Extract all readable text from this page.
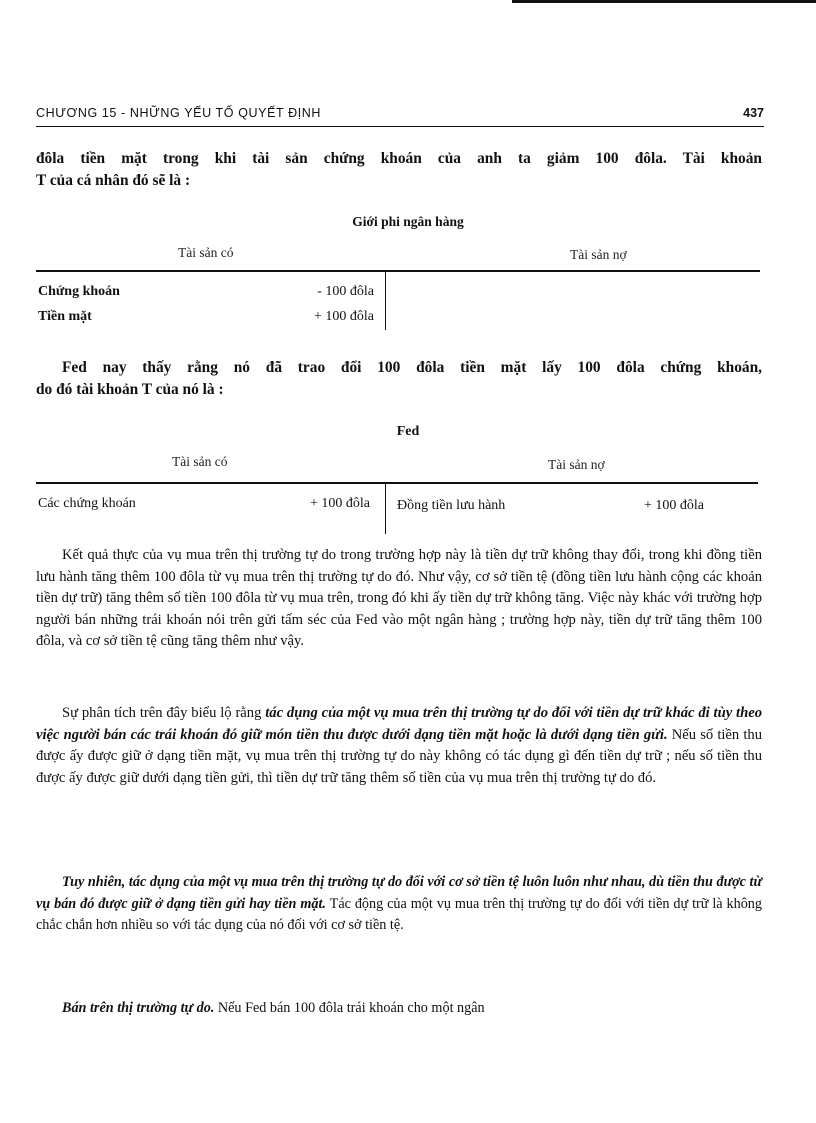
CHƯƠNG 15 - NHỮNG YẾU TỐ QUYẾT ĐỊNH	437
đôla tiền mặt trong khi tài sản chứng khoán của anh ta giảm 100 đôla. Tài khoản
T của cá nhân đó sẽ là :
Giới phi ngân hàng
Tài sản có	Tài sản nợ
Chứng khoán	- 100 đôla
Tiền mặt	+ 100 đôla
Fed nay thấy rằng nó đã trao đổi 100 đôla tiền mặt lấy 100 đôla chứng khoán,
do đó tài khoản T của nó là :
Fed
Tài sản có	Tài sản nợ
Các chứng khoán	+ 100 đôla Đồng tiền lưu hành	+ 100 đôla

Kết quả thực của vụ mua trên thị trường tự do trong trường hợp này là tiền dự trữ không thay đổi, trong khi đồng tiền lưu hành tăng thêm 100 đôla từ vụ mua trên thị trường tự do đó. Như vậy, cơ sở tiền tệ (đồng tiền lưu hành cộng các khoản tiền dự trữ) tăng thêm số tiền 100 đôla từ vụ mua trên, trong đó khi ấy tiền dự trữ không tăng. Việc này khác với trường hợp người bán những trái khoán nói trên gửi tấm séc của Fed vào một ngân hàng ; trường hợp này, tiền dự trữ tăng thêm 100 đôla, và cơ sở tiền tệ cũng tăng thêm như vậy.

Sự phân tích trên đây biểu lộ rằng tác dụng của một vụ mua trên thị trường tự do đối với tiền dự trữ khác đi tùy theo việc người bán các trái khoán đó giữ món tiền thu được dưới dạng tiền mặt hoặc là dưới dạng tiền gửi. Nếu số tiền thu được ấy được giữ ở dạng tiền mặt, vụ mua trên thị trường tự do này không có tác dụng gì đến tiền dự trữ ; nếu số tiền thu được ấy được giữ dưới dạng tiền gửi, thì tiền dự trữ tăng thêm số tiền của vụ mua trên thị trường tự do đó.

Tuy nhiên, tác dụng của một vụ mua trên thị trường tự do đối với cơ sở tiền tệ luôn luôn như nhau, dù tiền thu được từ vụ bán đó được giữ ở dạng tiền gửi hay tiền mặt. Tác động của một vụ mua trên thị trường tự do đối với tiền dự trữ là không chắc chắn hơn nhiều so với tác dụng của nó đối với cơ sở tiền tệ.

Bán trên thị trường tự do. Nếu Fed bán 100 đôla trái khoán cho một ngân
